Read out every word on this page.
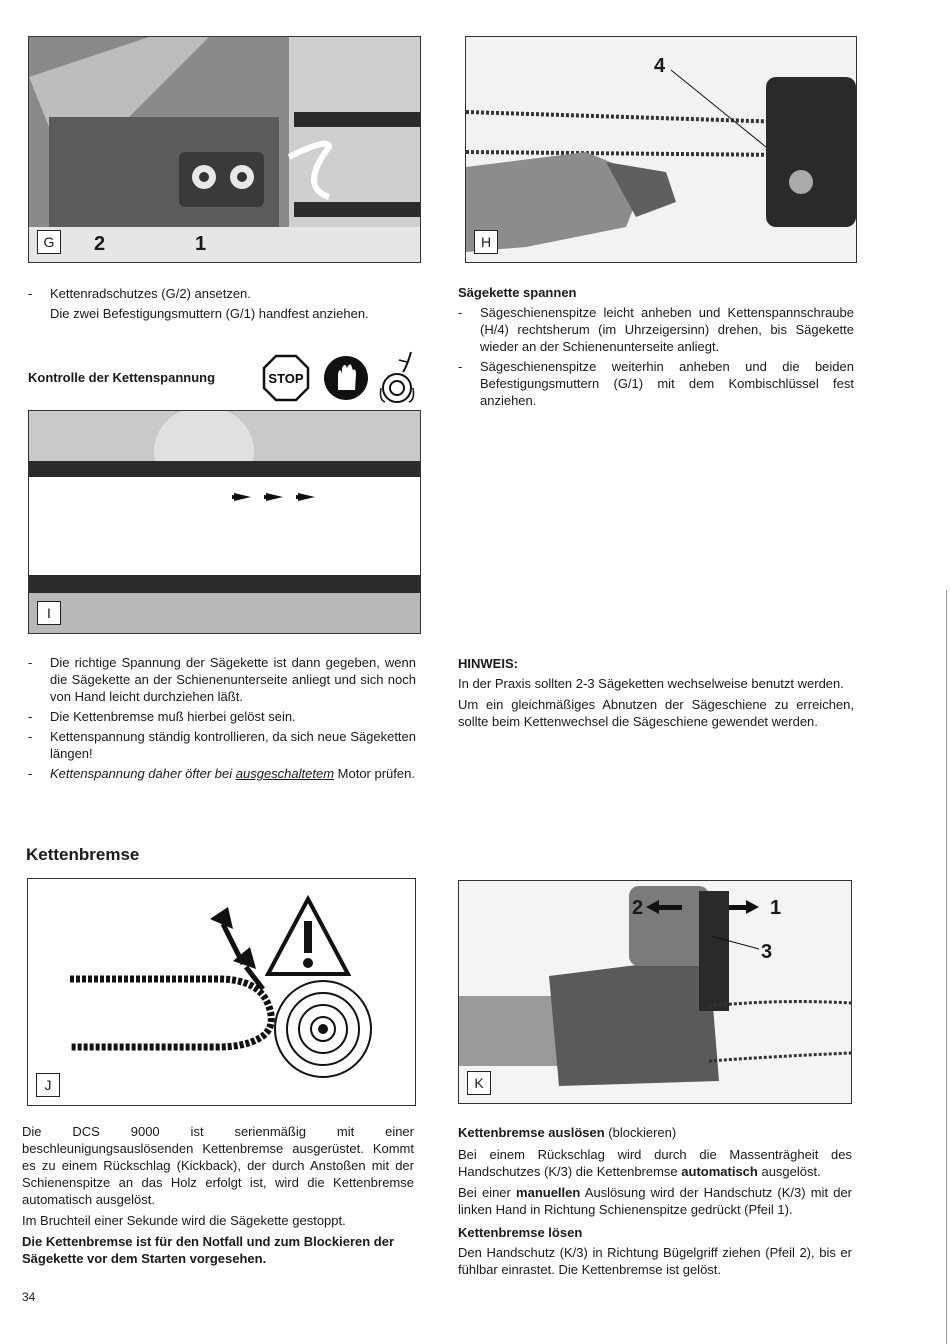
G	2	1	H
4
- Kettenradschutzes (G/2) ansetzen.
Die zwei Befestigungsmuttern (G/1) handfest anziehen.
Sägekette spannen
- Sägeschienenspitze leicht anheben und Kettenspannschraube (H/4) rechtsherum (im Uhrzeigersinn) drehen, bis Sägekette wieder an der Schienenunterseite anliegt.
- Sägeschienenspitze weiterhin anheben und die beiden Befestigungsmuttern (G/1) mit dem Kombischlüssel fest anziehen.
Kontrolle der Kettenspannung	STOP
I
- Die richtige Spannung der Sägekette ist dann gegeben, wenn die Sägekette an der Schienenunterseite anliegt und sich noch von Hand leicht durchziehen läßt.
- Die Kettenbremse muß hierbei gelöst sein.
- Kettenspannung ständig kontrollieren, da sich neue Sägeketten längen!
- Kettenspannung daher öfter bei ausgeschaltetem Motor prüfen.
HINWEIS:
In der Praxis sollten 2-3 Sägeketten wechselweise benutzt werden.
Um ein gleichmäßiges Abnutzen der Sägeschiene zu erreichen, sollte beim Kettenwechsel die Sägeschiene gewendet werden.
Kettenbremse
J	K
2	1
3
Die DCS 9000 ist serienmäßig mit einer beschleunigungsauslösenden Kettenbremse ausgerüstet. Kommt es zu einem Rückschlag (Kickback), der durch Anstoßen mit der Schienenspitze an das Holz erfolgt ist, wird die Kettenbremse automatisch ausgelöst.
Im Bruchteil einer Sekunde wird die Sägekette gestoppt.
Die Kettenbremse ist für den Notfall und zum Blockieren der Sägekette vor dem Starten vorgesehen.
Kettenbremse auslösen (blockieren)
Bei einem Rückschlag wird durch die Massenträgheit des Handschutzes (K/3) die Kettenbremse automatisch ausgelöst.
Bei einer manuellen Auslösung wird der Handschutz (K/3) mit der linken Hand in Richtung Schienenspitze gedrückt (Pfeil 1).
Kettenbremse lösen
Den Handschutz (K/3) in Richtung Bügelgriff ziehen (Pfeil 2), bis er fühlbar einrastet. Die Kettenbremse ist gelöst.
34
